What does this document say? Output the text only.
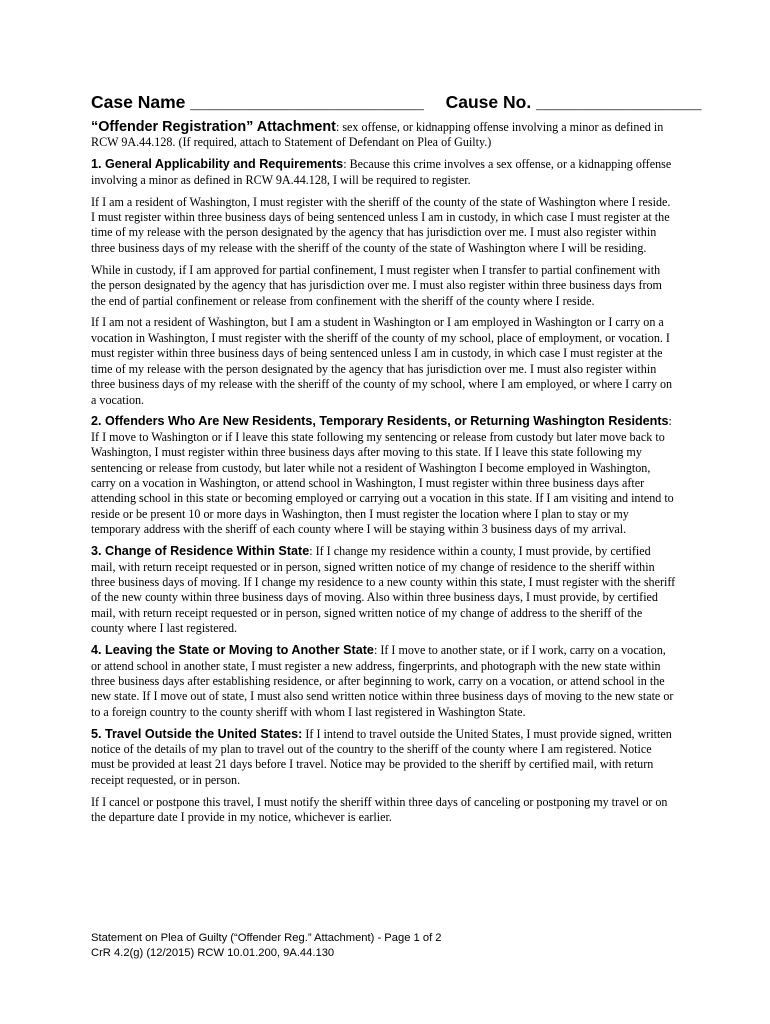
Case Name ________________________ Cause No. _________________

“Offender Registration” Attachment: sex offense, or kidnapping offense involving a minor as defined in RCW 9A.44.128. (If required, attach to Statement of Defendant on Plea of Guilty.)

1. General Applicability and Requirements: Because this crime involves a sex offense, or a kidnapping offense involving a minor as defined in RCW 9A.44.128, I will be required to register.

If I am a resident of Washington, I must register with the sheriff of the county of the state of Washington where I reside. I must register within three business days of being sentenced unless I am in custody, in which case I must register at the time of my release with the person designated by the agency that has jurisdiction over me. I must also register within three business days of my release with the sheriff of the county of the state of Washington where I will be residing.

While in custody, if I am approved for partial confinement, I must register when I transfer to partial confinement with the person designated by the agency that has jurisdiction over me. I must also register within three business days from the end of partial confinement or release from confinement with the sheriff of the county where I reside.

If I am not a resident of Washington, but I am a student in Washington or I am employed in Washington or I carry on a vocation in Washington, I must register with the sheriff of the county of my school, place of employment, or vocation. I must register within three business days of being sentenced unless I am in custody, in which case I must register at the time of my release with the person designated by the agency that has jurisdiction over me. I must also register within three business days of my release with the sheriff of the county of my school, where I am employed, or where I carry on a vocation.

2. Offenders Who Are New Residents, Temporary Residents, or Returning Washington Residents: If I move to Washington or if I leave this state following my sentencing or release from custody but later move back to Washington, I must register within three business days after moving to this state. If I leave this state following my sentencing or release from custody, but later while not a resident of Washington I become employed in Washington, carry on a vocation in Washington, or attend school in Washington, I must register within three business days after attending school in this state or becoming employed or carrying out a vocation in this state. If I am visiting and intend to reside or be present 10 or more days in Washington, then I must register the location where I plan to stay or my temporary address with the sheriff of each county where I will be staying within 3 business days of my arrival.

3. Change of Residence Within State: If I change my residence within a county, I must provide, by certified mail, with return receipt requested or in person, signed written notice of my change of residence to the sheriff within three business days of moving. If I change my residence to a new county within this state, I must register with the sheriff of the new county within three business days of moving. Also within three business days, I must provide, by certified mail, with return receipt requested or in person, signed written notice of my change of address to the sheriff of the county where I last registered.

4. Leaving the State or Moving to Another State: If I move to another state, or if I work, carry on a vocation, or attend school in another state, I must register a new address, fingerprints, and photograph with the new state within three business days after establishing residence, or after beginning to work, carry on a vocation, or attend school in the new state. If I move out of state, I must also send written notice within three business days of moving to the new state or to a foreign country to the county sheriff with whom I last registered in Washington State.

5. Travel Outside the United States: If I intend to travel outside the United States, I must provide signed, written notice of the details of my plan to travel out of the country to the sheriff of the county where I am registered. Notice must be provided at least 21 days before I travel. Notice may be provided to the sheriff by certified mail, with return receipt requested, or in person.

If I cancel or postpone this travel, I must notify the sheriff within three days of canceling or postponing my travel or on the departure date I provide in my notice, whichever is earlier.

Statement on Plea of Guilty (“Offender Reg.” Attachment) - Page 1 of 2
CrR 4.2(g) (12/2015) RCW 10.01.200, 9A.44.130
